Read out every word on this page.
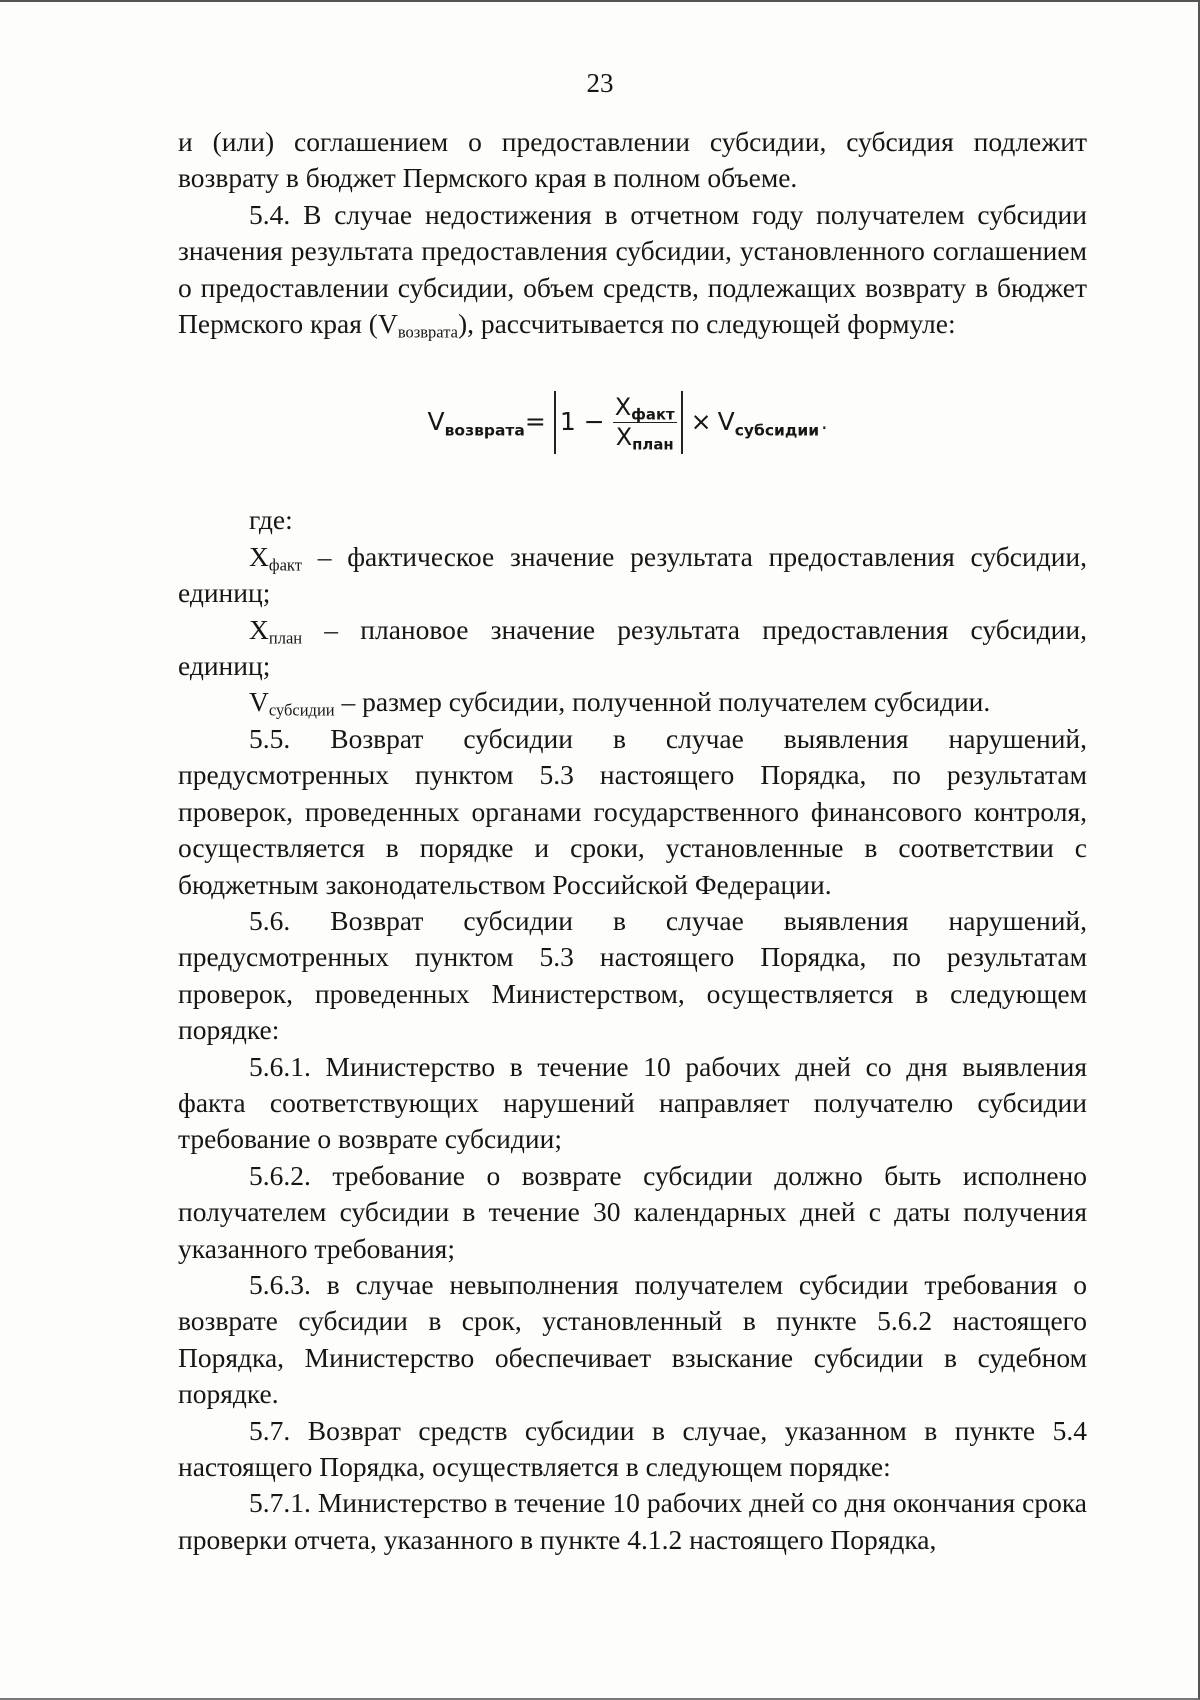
23

и (или) соглашением о предоставлении субсидии, субсидия подлежит возврату в бюджет Пермского края в полном объеме.

5.4. В случае недостижения в отчетном году получателем субсидии значения результата предоставления субсидии, установленного соглашением о предоставлении субсидии, объем средств, подлежащих возврату в бюджет Пермского края $(V_{возврата})$, рассчитывается по следующей формуле:

$V_{возврата} = 1 - \frac{X_{факт}}{X_{план}} \times V_{субсидии}$ .

где:

$X_{факт}$ – фактическое значение результата предоставления субсидии, единиц;

$X_{план}$ – плановое значение результата предоставления субсидии, единиц;

$V_{субсидии}$ – размер субсидии, полученной получателем субсидии.

5.5. Возврат субсидии в случае выявления нарушений, предусмотренных пунктом 5.3 настоящего Порядка, по результатам проверок, проведенных органами государственного финансового контроля, осуществляется в порядке и сроки, установленные в соответствии с бюджетным законодательством Российской Федерации.

5.6. Возврат субсидии в случае выявления нарушений, предусмотренных пунктом 5.3 настоящего Порядка, по результатам проверок, проведенных Министерством, осуществляется в следующем порядке:

5.6.1. Министерство в течение 10 рабочих дней со дня выявления факта соответствующих нарушений направляет получателю субсидии требование о возврате субсидии;

5.6.2. требование о возврате субсидии должно быть исполнено получателем субсидии в течение 30 календарных дней с даты получения указанного требования;

5.6.3. в случае невыполнения получателем субсидии требования о возврате субсидии в срок, установленный в пункте 5.6.2 настоящего Порядка, Министерство обеспечивает взыскание субсидии в судебном порядке.

5.7. Возврат средств субсидии в случае, указанном в пункте 5.4 настоящего Порядка, осуществляется в следующем порядке:

5.7.1. Министерство в течение 10 рабочих дней со дня окончания срока проверки отчета, указанного в пункте 4.1.2 настоящего Порядка,
